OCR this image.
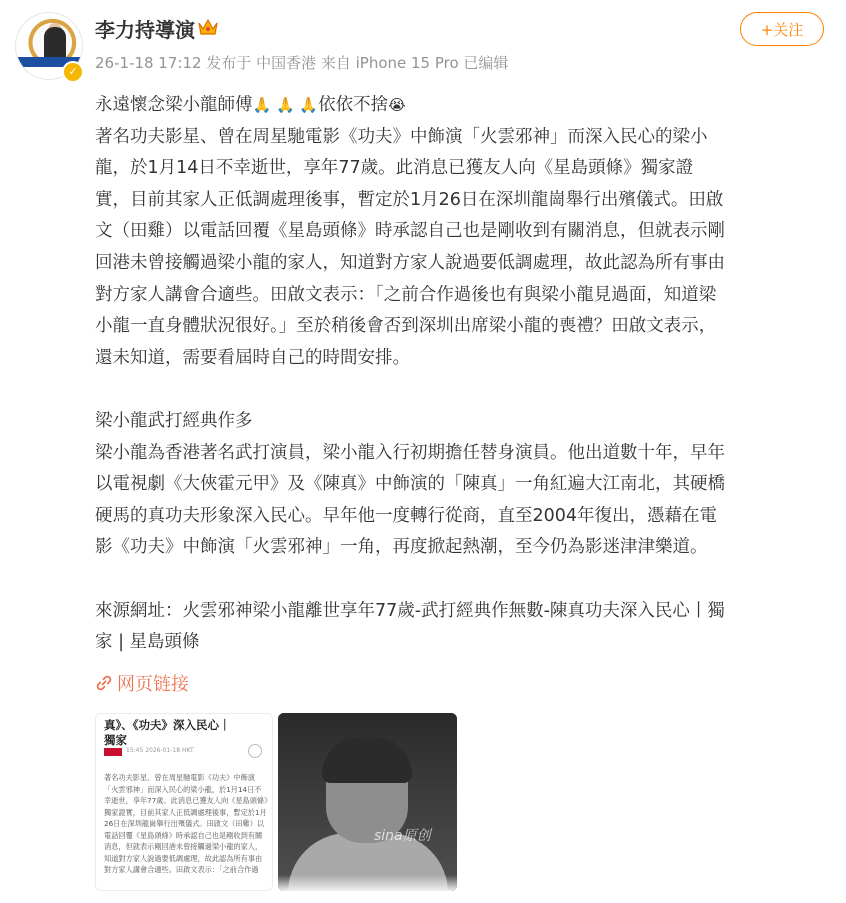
✓
李力持導演
26-1-18 17:12 发布于 中国香港 来自 iPhone 15 Pro 已编辑
+关注

永遠懷念梁小龍師傅🙏 🙏 🙏依依不捨😭

著名功夫影星、曾在周星馳電影《功夫》中飾演「火雲邪神」而深入民心的梁小

龍，於1月14日不幸逝世，享年77歲。此消息已獲友人向《星島頭條》獨家證

實，目前其家人正低調處理後事，暫定於1月26日在深圳龍崗舉行出殯儀式。田啟

文（田雞）以電話回覆《星島頭條》時承認自己也是剛收到有關消息，但就表示剛

回港未曾接觸過梁小龍的家人，知道對方家人說過要低調處理，故此認為所有事由

對方家人講會合適些。田啟文表示：「之前合作過後也有與梁小龍見過面，知道梁

小龍一直身體狀況很好。」至於稍後會否到深圳出席梁小龍的喪禮？田啟文表示，

還未知道，需要看屆時自己的時間安排。

梁小龍武打經典作多

梁小龍為香港著名武打演員，梁小龍入行初期擔任替身演員。他出道數十年，早年

以電視劇《大俠霍元甲》及《陳真》中飾演的「陳真」一角紅遍大江南北，其硬橋

硬馬的真功夫形象深入民心。早年他一度轉行從商，直至2004年復出，憑藉在電

影《功夫》中飾演「火雲邪神」一角，再度掀起熱潮，至今仍為影迷津津樂道。

來源網址：火雲邪神梁小龍離世享年77歲-武打經典作無數-陳真功夫深入民心丨獨

家 | 星島頭條

网页链接
真》、《功夫》深入民心｜
獨家
15:45 2026-01-18 HKT
著名功夫影星、曾在周星馳電影《功夫》中飾演「火雲邪神」而深入民心的梁小龍，於1月14日不幸逝世，享年77歲。此消息已獲友人向《星島頭條》獨家證實，目前其家人正低調處理後事，暫定於1月26日在深圳龍崗舉行出殯儀式。田啟文（田雞）以電話回覆《星島頭條》時承認自己也是剛收到有關消息，但就表示剛回港未曾接觸過梁小龍的家人，知道對方家人說過要低調處理，故此認為所有事由對方家人講會合適些。田啟文表示：「之前合作過
sina原创
